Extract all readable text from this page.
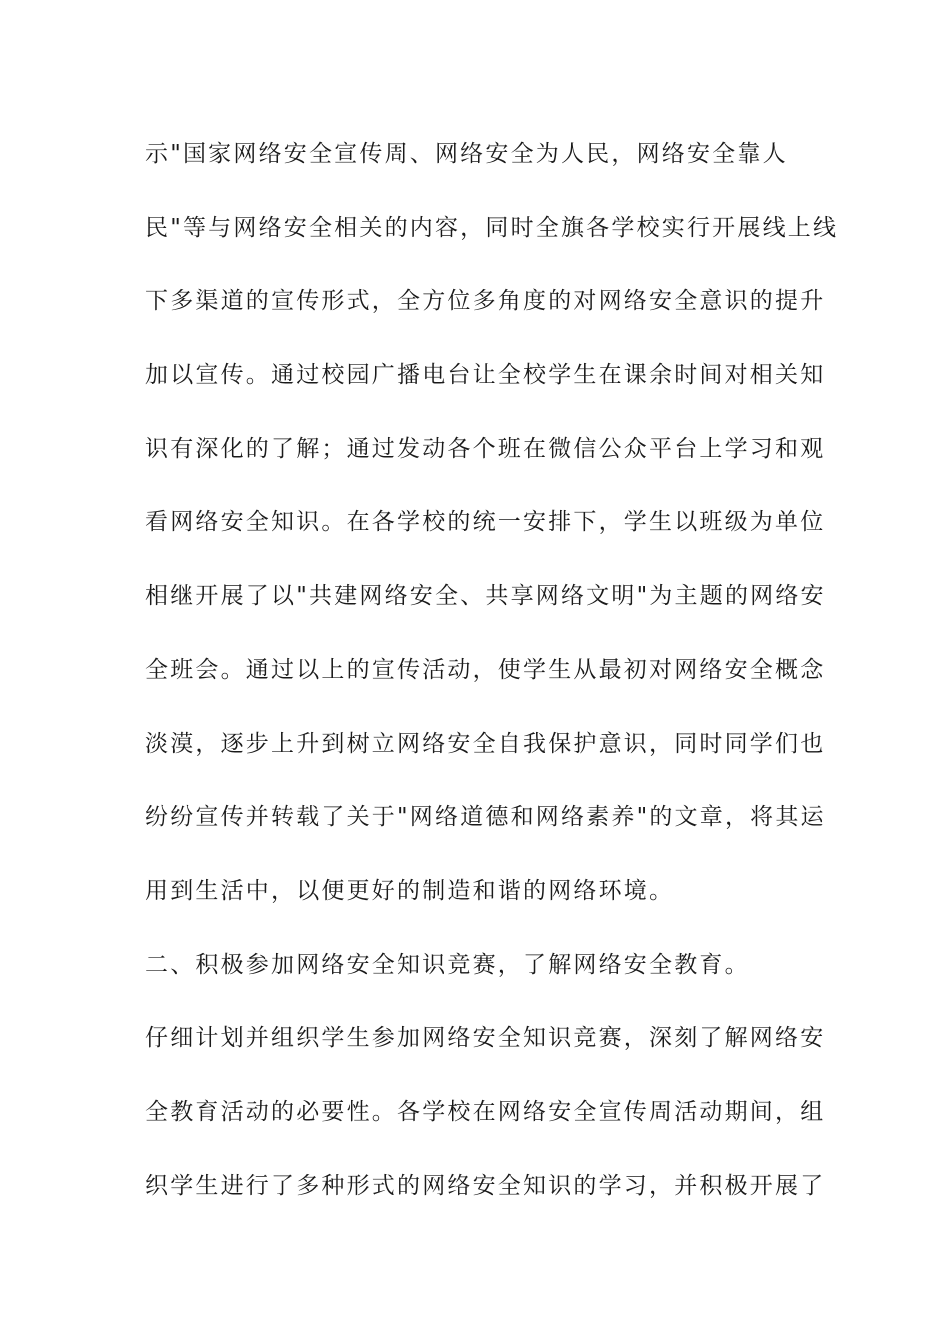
示"国家网络安全宣传周、网络安全为人民，网络安全靠人
民"等与网络安全相关的内容，同时全旗各学校实行开展线上线
下多渠道的宣传形式，全方位多角度的对网络安全意识的提升
加以宣传。通过校园广播电台让全校学生在课余时间对相关知
识有深化的了解；通过发动各个班在微信公众平台上学习和观
看网络安全知识。在各学校的统一安排下，学生以班级为单位
相继开展了以"共建网络安全、共享网络文明"为主题的网络安
全班会。通过以上的宣传活动，使学生从最初对网络安全概念
淡漠，逐步上升到树立网络安全自我保护意识，同时同学们也
纷纷宣传并转载了关于"网络道德和网络素养"的文章，将其运
用到生活中，以便更好的制造和谐的网络环境。
二、积极参加网络安全知识竞赛，了解网络安全教育。
仔细计划并组织学生参加网络安全知识竞赛，深刻了解网络安
全教育活动的必要性。各学校在网络安全宣传周活动期间，组
织学生进行了多种形式的网络安全知识的学习，并积极开展了
